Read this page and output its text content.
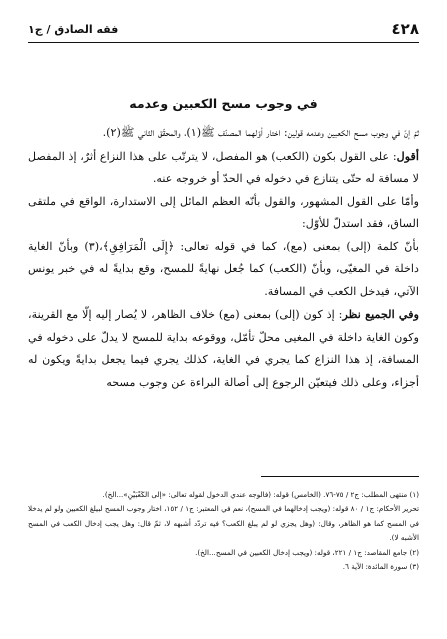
٤٢٨
فقه الصادق / ج١
في وجوب مسح الكعبين وعدمه

ثمّ إنّ في وجوب مسح الكعبين وعدمه قولين: اختار أوّلهما المصنّف ﷺ(١)، والمحقّق الثاني ﷺ(٢).

أقول: على القول بكون (الكعب) هو المفصل، لا يترتّب على هذا النزاع أثرٌ، إذ المفصل لا مسافة له حتّى يتنازع في دخوله في الحدّ أو خروجه عنه.

وأمّا على القول المشهور، والقول بأنّه العظم المائل إلى الاستدارة، الواقع في ملتقى الساق، فقد استدلّ للأوّل:

بأنّ كلمة (إلى) بمعنى (مع)، كما في قوله تعالى: ﴿إِلَى الْمَرَافِقِ﴾،(٣) وبأنّ الغاية داخلة في المغيّى، وبأنّ (الكعب) كما جُعل نهايةً للمسح، وقع بدايةً له في خبر يونس الآتي، فيدخل الكعب في المسافة.

وفي الجميع نظر: إذ كون (إلى) بمعنى (مع) خلاف الظاهر، لا يُصار إليه إلّا مع القرينة، وكون الغاية داخلة في المغيى محلّ تأمّل، ووقوعه بداية للمسح لا يدلّ على دخوله في المسافة، إذ هذا النزاع كما يجري في الغاية، كذلك يجري فيما يجعل بدايةً ويكون له أجزاء، وعلى ذلك فيتعيّن الرجوع إلى أصالة البراءة عن وجوب مسحه

(١) منتهى المطلب: ج٢ / ٧٥-٧٦. (الخامس) قوله: (فالوجه عندي الدخول لقوله تعالى: «إلى الكَعْبَيْنِ»...الخ).

تحرير الأحكام: ج١ / ٨٠ قوله: (ويجب إدخالهما في المسح)، نعم في المعتبر: ج١ / ١٥٢، اختار وجوب المسح لبيلغ الكعبين ولو لم يدخلا في المسح كما هو الظاهر، وقال: (وهل يجزي لو لم يبلغ الكعب؟ فيه تردّد أشبهه لا، ثمّ قال: وهل يجب إدخال الكعب في المسح الأشبه لا).

(٢) جامع المقاصد: ج١ / ٢٢١، قوله: (ويجب إدخال الكعبين في المسح...الخ).

(٣) سورة المائدة: الآية ٦.
